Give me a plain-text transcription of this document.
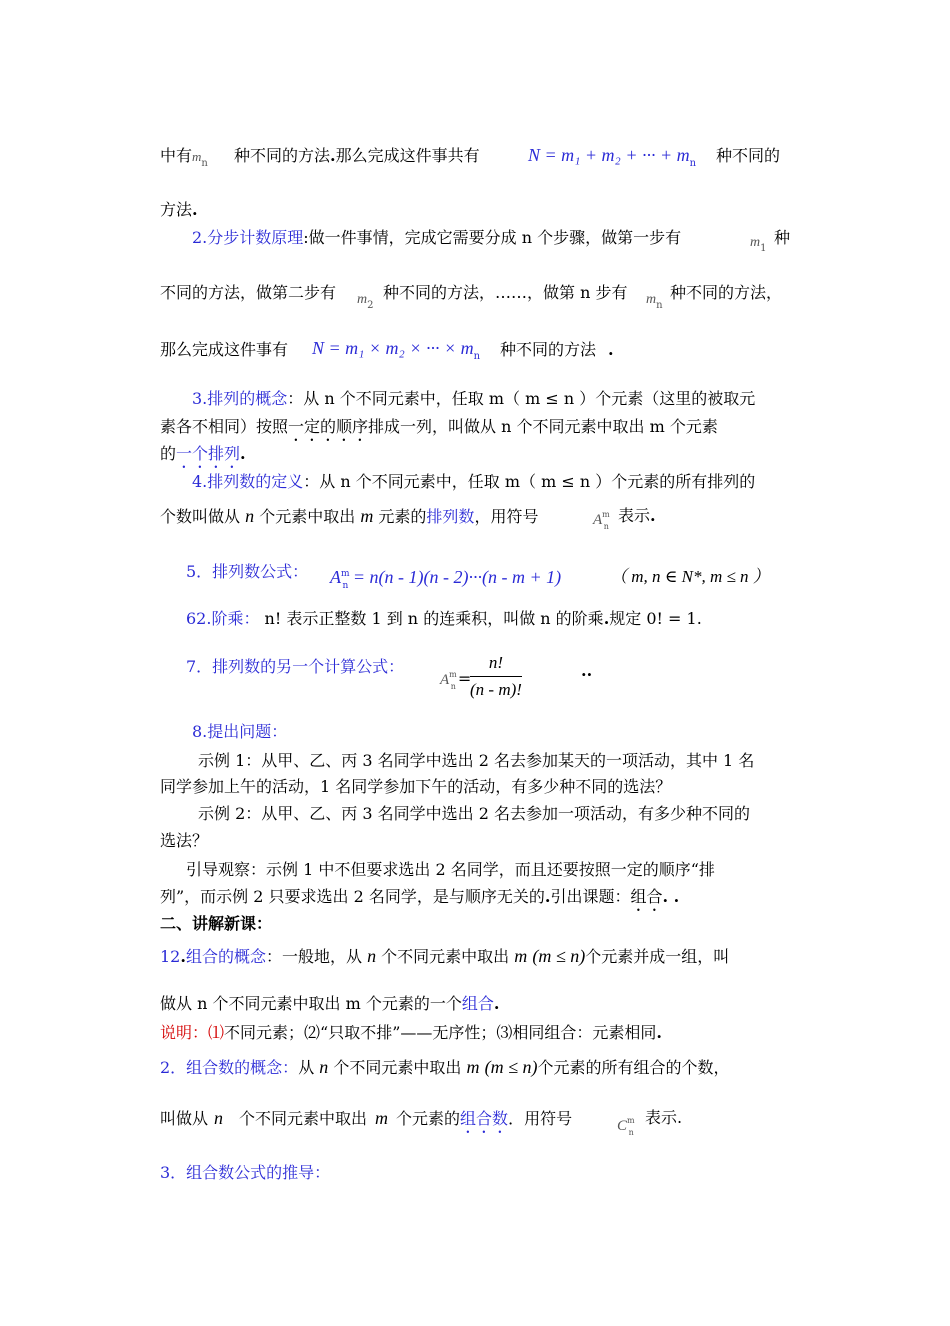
中有$m_n$ 种不同的方法.那么完成这件事共有	N = m₁ + m₂ + ··· + $m_n$ 种不同的
方法.
2.分步计数原理:做一件事情，完成它需要分成 n 个步骤，做第一步有	$m_1$
种
不同的方法，做第二步有 $m_2$
种不同的方法，……，做第 n 步有 $m_n$
种不同的方法，
那么完成这件事有 N = m₁ × m₂ × ··· × $m_n$ 种不同的方法 .
3.排列的概念：从 n 个不同元素中，任取 m（ m ≤ n ）个元素（这里的被取元
素各不相同）按照一定的顺序排成一列，叫做从 n 个不同元素中取出 m 个元素
的一个排列.
4.排列数的定义：从 n 个不同元素中，任取 m（ m ≤ n ）个元素的所有排列的
个数叫做从 n 个元素中取出 m 元素的排列数，用符号	$A^m_n$
表示.
5．排列数公式： $A^m_n = n(n - 1)(n - 2)\cdot\cdot\cdot(n - m + 1)$	（ m, n ∈ N*, m ≤ n ）
62.阶乘： n! 表示正整数 1 到 n 的连乘积，叫做 n 的阶乘.规定 0! = 1.
7．排列数的另一个计算公式：
$A^m_n$ =
$\frac{n!}{(n - m)!}$	..
8.提出问题：
示例 1：从甲、乙、丙 3 名同学中选出 2 名去参加某天的一项活动，其中 1 名
同学参加上午的活动，1 名同学参加下午的活动，有多少种不同的选法？
示例 2：从甲、乙、丙 3 名同学中选出 2 名去参加一项活动，有多少种不同的
选法？
引导观察：示例 1 中不但要求选出 2 名同学，而且还要按照一定的顺序“排
列”，而示例 2 只要求选出 2 名同学，是与顺序无关的.引出课题：组合. .
二、讲解新课：
12.组合的概念：一般地，从 n 个不同元素中取出 m (m ≤ n)个元素并成一组，叫
做从 n 个不同元素中取出 m 个元素的一个组合.
说明：⑴不同元素；⑵“只取不排”——无序性；⑶相同组合：元素相同.
2．组合数的概念：从 n 个不同元素中取出 m (m ≤ n)个元素的所有组合的个数，
叫做从 n 个不同元素中取出 m 个元素的组合数．用符号	$C^m_n$
表示.
3．组合数公式的推导：
